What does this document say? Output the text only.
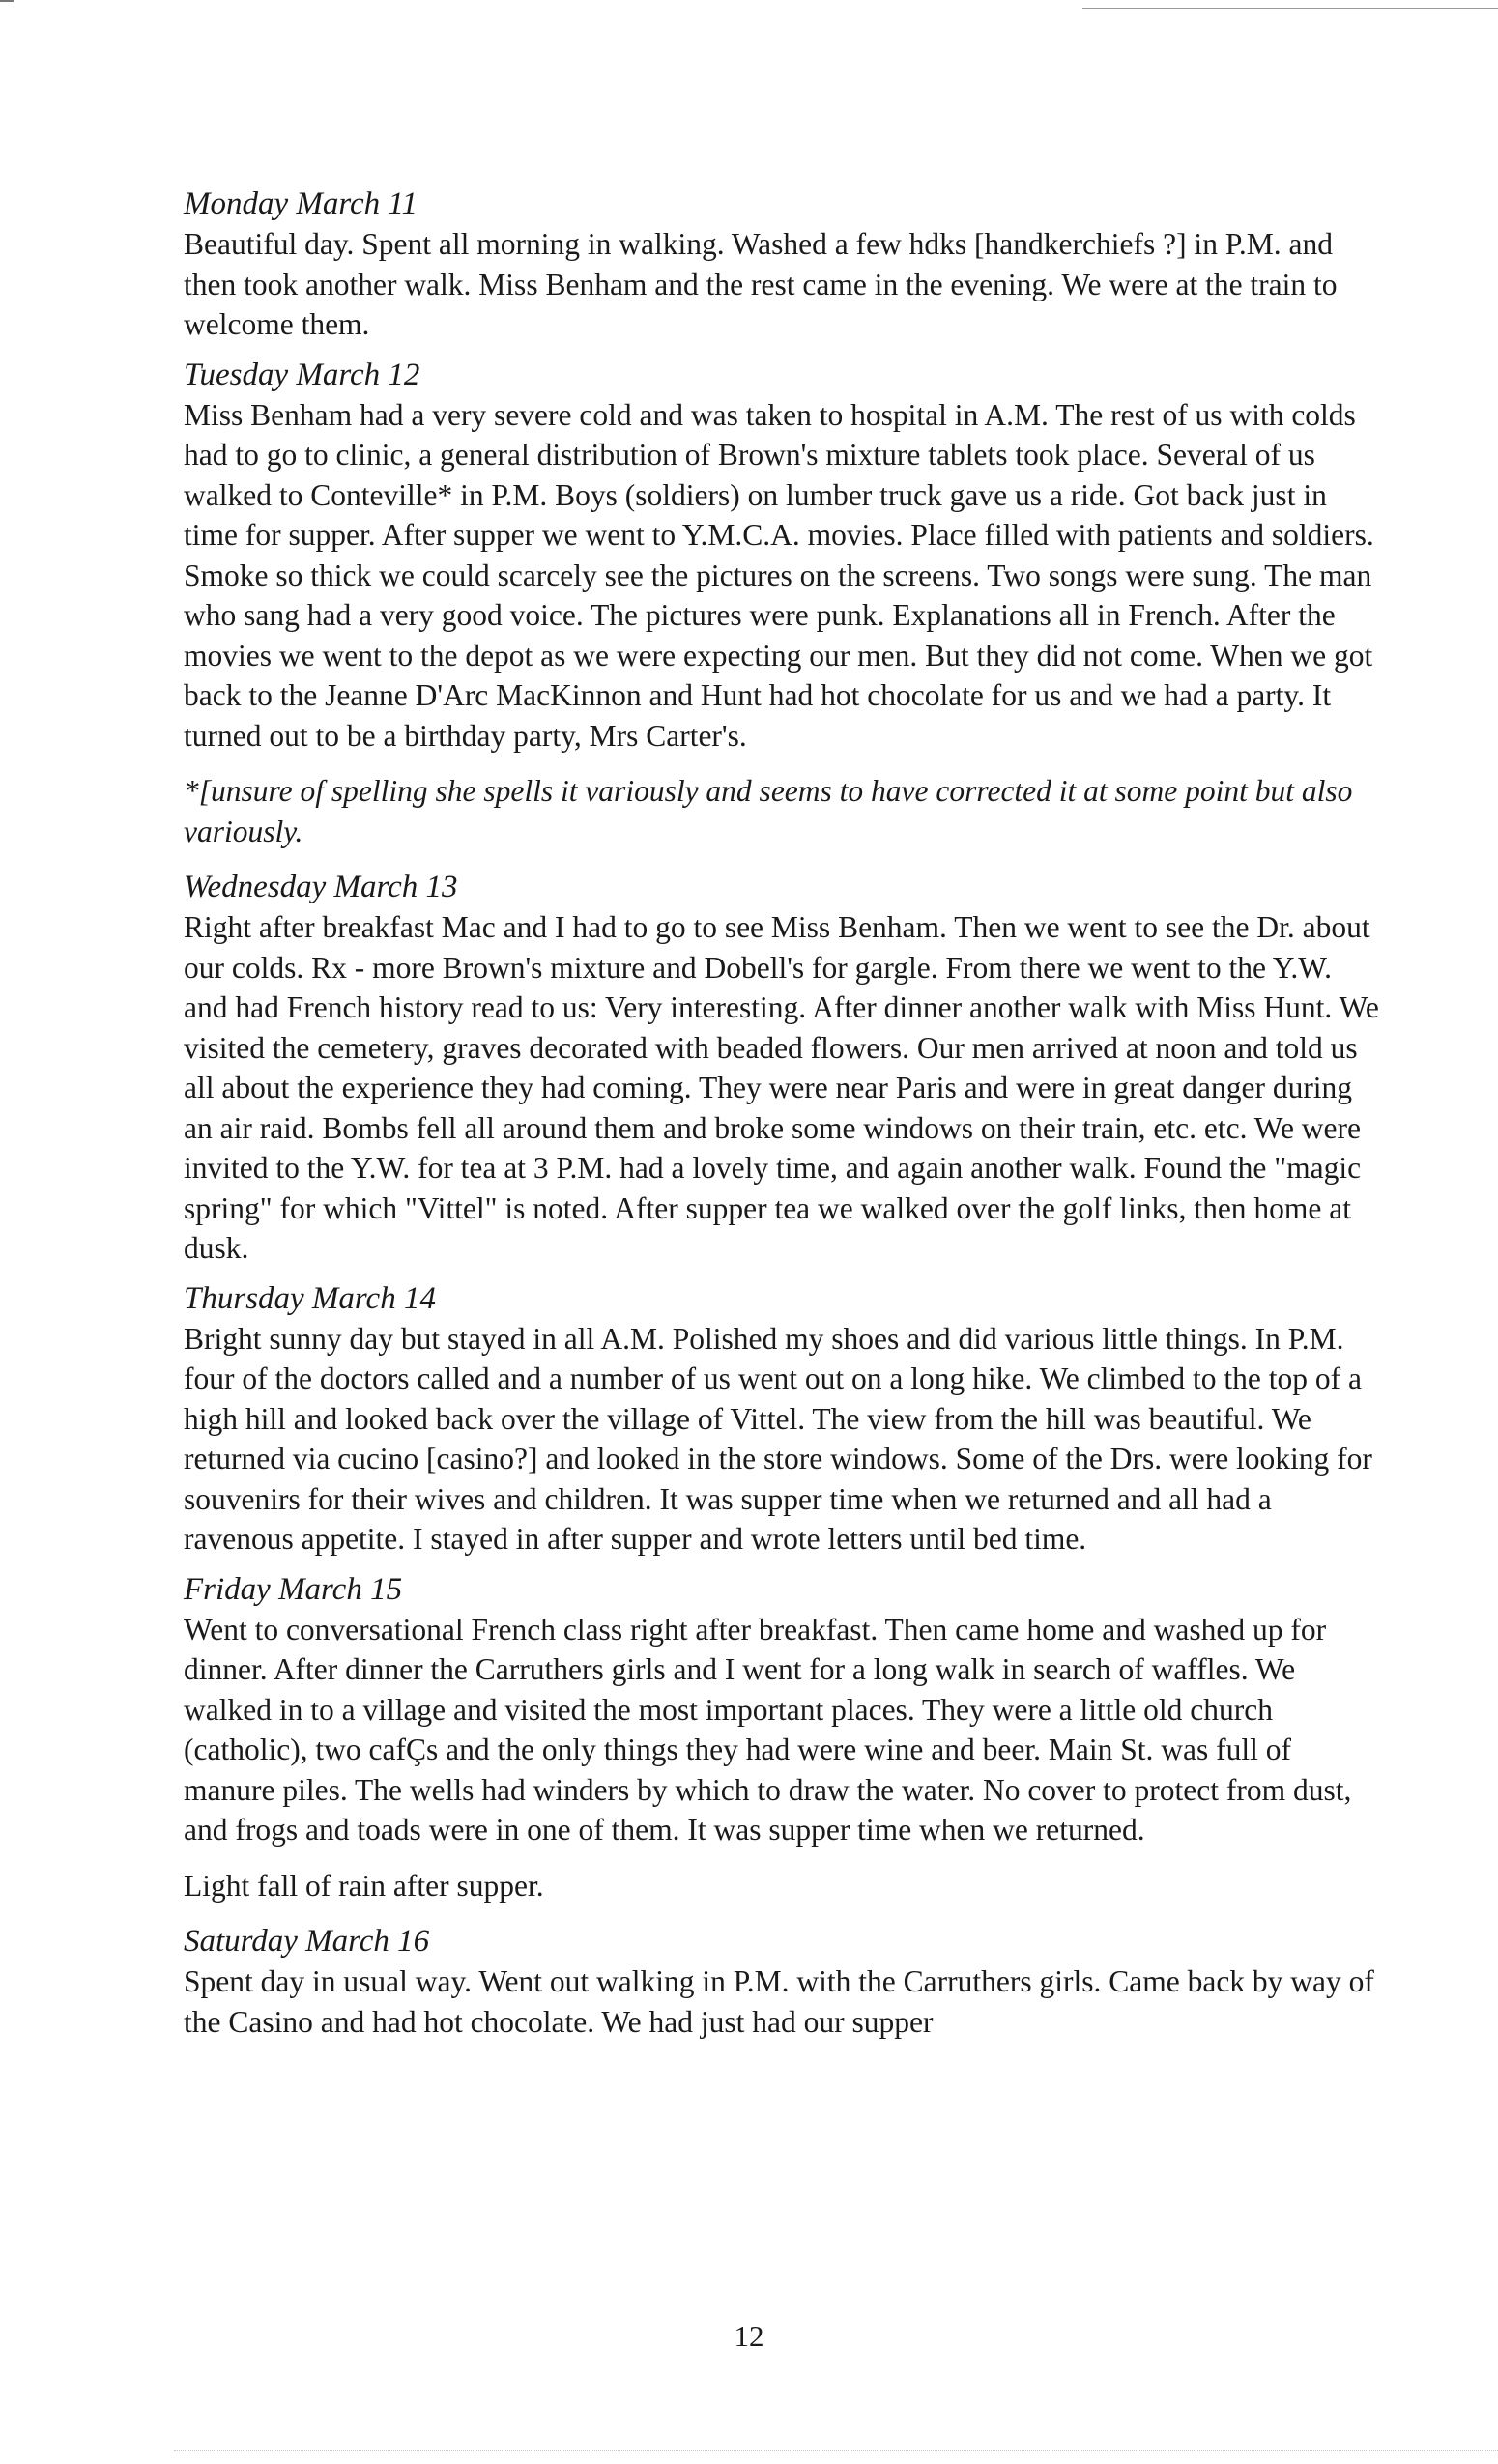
Monday March 11

Beautiful day. Spent all morning in walking. Washed a few hdks [handkerchiefs ?] in P.M. and then took another walk. Miss Benham and the rest came in the evening. We were at the train to welcome them.

Tuesday March 12

Miss Benham had a very severe cold and was taken to hospital in A.M. The rest of us with colds had to go to clinic, a general distribution of Brown's mixture tablets took place. Several of us walked to Conteville* in P.M. Boys (soldiers) on lumber truck gave us a ride. Got back just in time for supper. After supper we went to Y.M.C.A. movies. Place filled with patients and soldiers. Smoke so thick we could scarcely see the pictures on the screens. Two songs were sung. The man who sang had a very good voice. The pictures were punk. Explanations all in French. After the movies we went to the depot as we were expecting our men. But they did not come. When we got back to the Jeanne D'Arc MacKinnon and Hunt had hot chocolate for us and we had a party. It turned out to be a birthday party, Mrs Carter's.

*[unsure of spelling she spells it variously and seems to have corrected it at some point but also variously.

Wednesday March 13

Right after breakfast Mac and I had to go to see Miss Benham. Then we went to see the Dr. about our colds. Rx - more Brown's mixture and Dobell's for gargle. From there we went to the Y.W. and had French history read to us: Very interesting. After dinner another walk with Miss Hunt. We visited the cemetery, graves decorated with beaded flowers. Our men arrived at noon and told us all about the experience they had coming. They were near Paris and were in great danger during an air raid. Bombs fell all around them and broke some windows on their train, etc. etc. We were invited to the Y.W. for tea at 3 P.M. had a lovely time, and again another walk. Found the "magic spring" for which "Vittel" is noted. After supper tea we walked over the golf links, then home at dusk.

Thursday March 14

Bright sunny day but stayed in all A.M. Polished my shoes and did various little things. In P.M. four of the doctors called and a number of us went out on a long hike. We climbed to the top of a high hill and looked back over the village of Vittel. The view from the hill was beautiful. We returned via cucino [casino?] and looked in the store windows. Some of the Drs. were looking for souvenirs for their wives and children. It was supper time when we returned and all had a ravenous appetite. I stayed in after supper and wrote letters until bed time.

Friday March 15

Went to conversational French class right after breakfast. Then came home and washed up for dinner. After dinner the Carruthers girls and I went for a long walk in search of waffles. We walked in to a village and visited the most important places. They were a little old church (catholic), two cafÇs and the only things they had were wine and beer. Main St. was full of manure piles. The wells had winders by which to draw the water. No cover to protect from dust, and frogs and toads were in one of them. It was supper time when we returned.

Light fall of rain after supper.

Saturday March 16

Spent day in usual way. Went out walking in P.M. with the Carruthers girls. Came back by way of the Casino and had hot chocolate. We had just had our supper

12
